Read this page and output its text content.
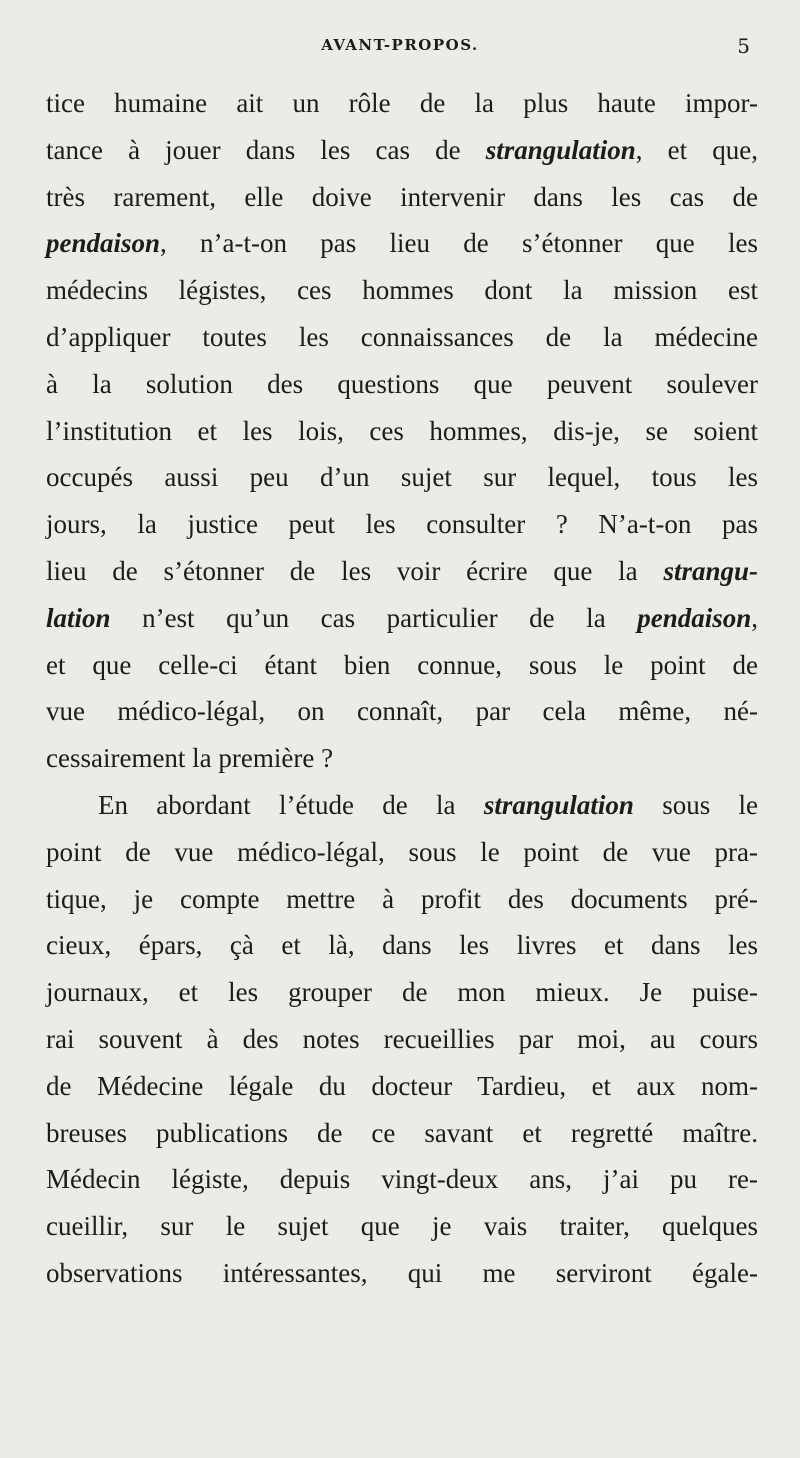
AVANT-PROPOS.	5
tice humaine ait un rôle de la plus haute impor-
tance à jouer dans les cas de strangulation, et que,
très rarement, elle doive intervenir dans les cas de
pendaison, n’a-t-on pas lieu de s’étonner que les
médecins légistes, ces hommes dont la mission est
d’appliquer toutes les connaissances de la médecine
à la solution des questions que peuvent soulever
l’institution et les lois, ces hommes, dis-je, se soient
occupés aussi peu d’un sujet sur lequel, tous les
jours, la justice peut les consulter ? N’a-t-on pas
lieu de s’étonner de les voir écrire que la strangu-
lation n’est qu’un cas particulier de la pendaison,
et que celle-ci étant bien connue, sous le point de
vue médico-légal, on connaît, par cela même, né-
cessairement la première ?
En abordant l’étude de la strangulation sous le
point de vue médico-légal, sous le point de vue pra-
tique, je compte mettre à profit des documents pré-
cieux, épars, çà et là, dans les livres et dans les
journaux, et les grouper de mon mieux. Je puise-
rai souvent à des notes recueillies par moi, au cours
de Médecine légale du docteur Tardieu, et aux nom-
breuses publications de ce savant et regretté maître.
Médecin légiste, depuis vingt-deux ans, j’ai pu re-
cueillir, sur le sujet que je vais traiter, quelques
observations intéressantes, qui me serviront égale-
